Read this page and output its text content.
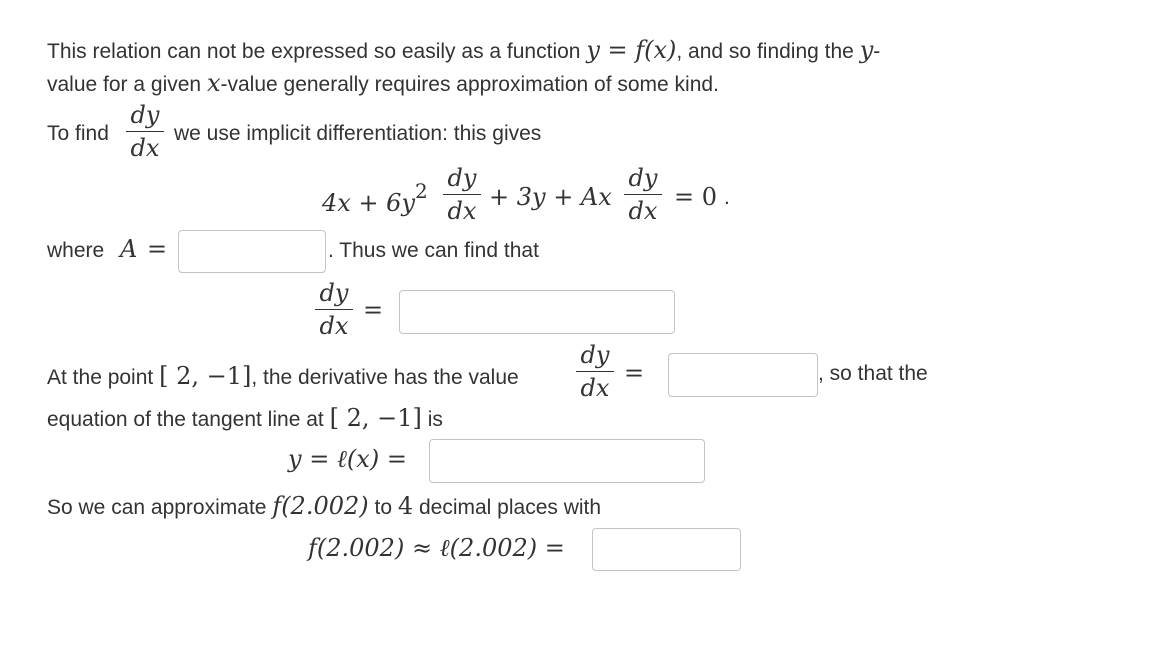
This relation can not be expressed so easily as a function y = f(x), and so finding the y-
value for a given x-value generally requires approximation of some kind.
To find
dy
dx
we use implicit differentiation: this gives
$4x + 6y^2$ dy
dx + 3y + Ax
dy
dx = 0 .
where A =	. Thus we can find that
dy
dx
=
At the point [ 2, −1], the derivative has the value
dy
dx
=	, so that the
equation of the tangent line at [ 2, −1] is
y = ℓ(x) =
So we can approximate f(2.002) to 4 decimal places with
f(2.002) ≈ ℓ(2.002) =
